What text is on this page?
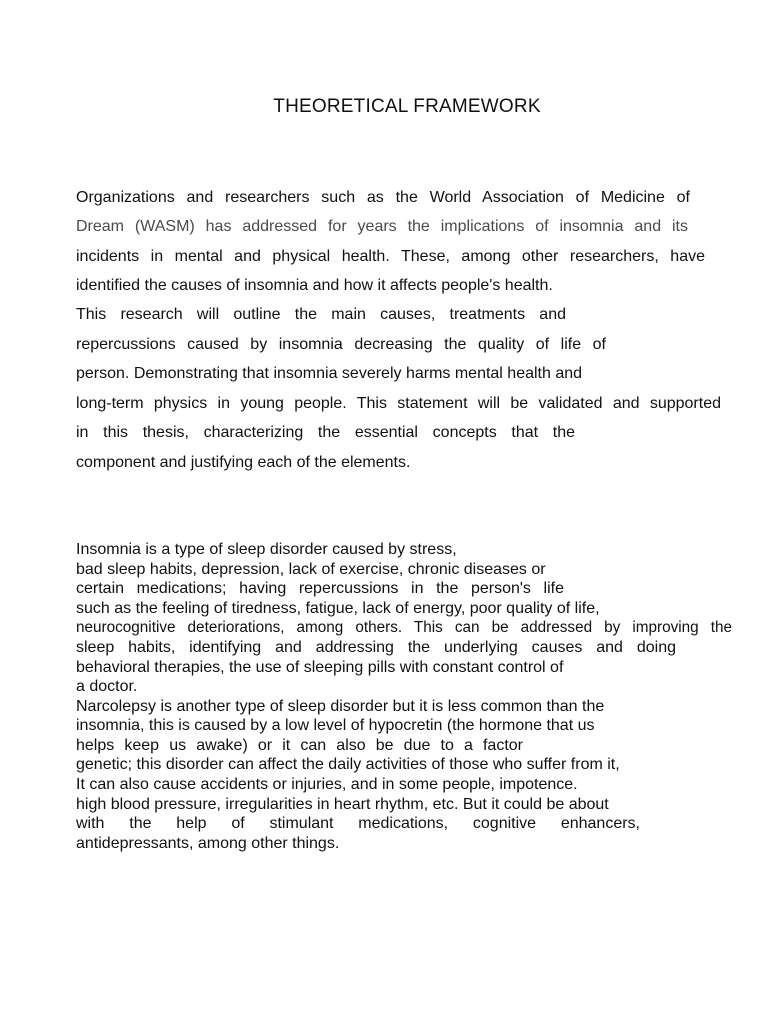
THEORETICAL FRAMEWORK
Organizations and researchers such as the World Association of Medicine of
Dream (WASM) has addressed for years the implications of insomnia and its
incidents in mental and physical health. These, among other researchers, have
identified the causes of insomnia and how it affects people's health.
This research will outline the main causes, treatments and
repercussions caused by insomnia decreasing the quality of life of
person. Demonstrating that insomnia severely harms mental health and
long-term physics in young people. This statement will be validated and supported
in this thesis, characterizing the essential concepts that the
component and justifying each of the elements.
Insomnia is a type of sleep disorder caused by stress,
bad sleep habits, depression, lack of exercise, chronic diseases or
certain medications; having repercussions in the person's life
such as the feeling of tiredness, fatigue, lack of energy, poor quality of life,
neurocognitive deteriorations, among others. This can be addressed by improving the
sleep habits, identifying and addressing the underlying causes and doing
behavioral therapies, the use of sleeping pills with constant control of
a doctor.
Narcolepsy is another type of sleep disorder but it is less common than the
insomnia, this is caused by a low level of hypocretin (the hormone that us
helps keep us awake) or it can also be due to a factor
genetic; this disorder can affect the daily activities of those who suffer from it,
It can also cause accidents or injuries, and in some people, impotence.
high blood pressure, irregularities in heart rhythm, etc. But it could be about
with the help of stimulant medications, cognitive enhancers,
antidepressants, among other things.
